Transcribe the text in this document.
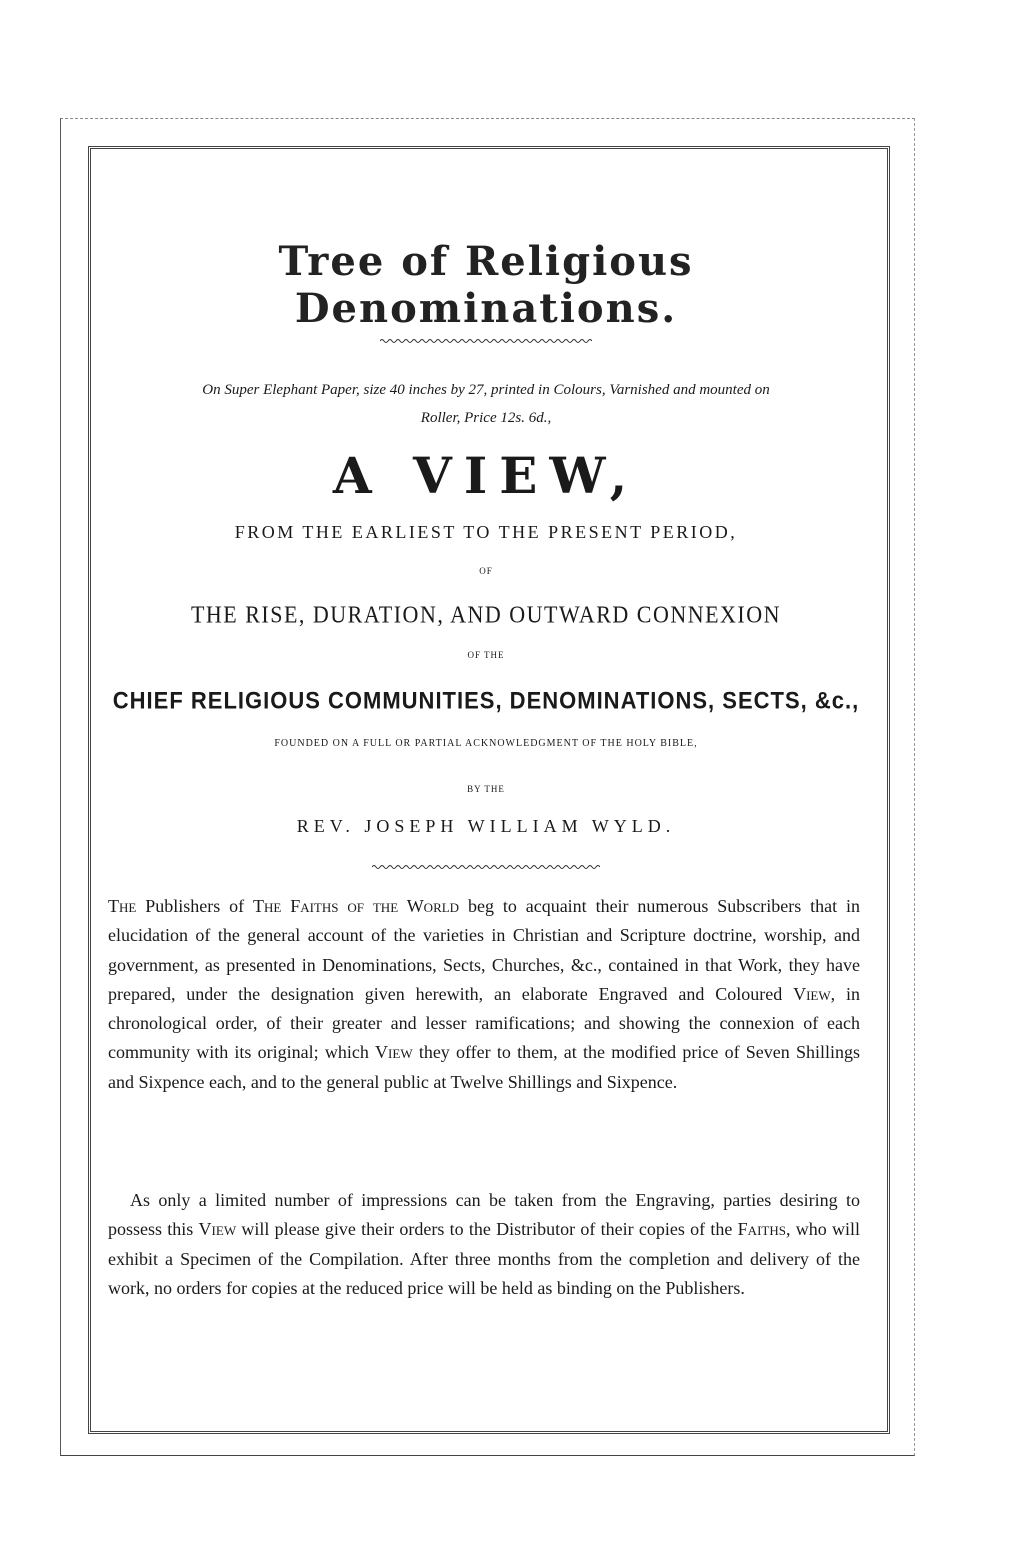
Tree of Religious Denominations.
On Super Elephant Paper, size 40 inches by 27, printed in Colours, Varnished and mounted on
Roller, Price 12s. 6d.,
A VIEW,
FROM THE EARLIEST TO THE PRESENT PERIOD,
OF
THE RISE, DURATION, AND OUTWARD CONNEXION
OF THE
CHIEF RELIGIOUS COMMUNITIES, DENOMINATIONS, SECTS, &c.,
FOUNDED ON A FULL OR PARTIAL ACKNOWLEDGMENT OF THE HOLY BIBLE,
BY THE
REV. JOSEPH WILLIAM WYLD.
The Publishers of The Faiths of the World beg to acquaint their numerous Subscribers that in elucidation of the general account of the varieties in Christian and Scripture doctrine, worship, and government, as presented in Denominations, Sects, Churches, &c., contained in that Work, they have prepared, under the designation given herewith, an elaborate Engraved and Coloured View, in chronological order, of their greater and lesser ramifications; and showing the connexion of each community with its original; which View they offer to them, at the modified price of Seven Shillings and Sixpence each, and to the general public at Twelve Shillings and Sixpence.
As only a limited number of impressions can be taken from the Engraving, parties desiring to possess this View will please give their orders to the Distributor of their copies of the Faiths, who will exhibit a Specimen of the Compilation. After three months from the completion and delivery of the work, no orders for copies at the reduced price will be held as binding on the Publishers.
